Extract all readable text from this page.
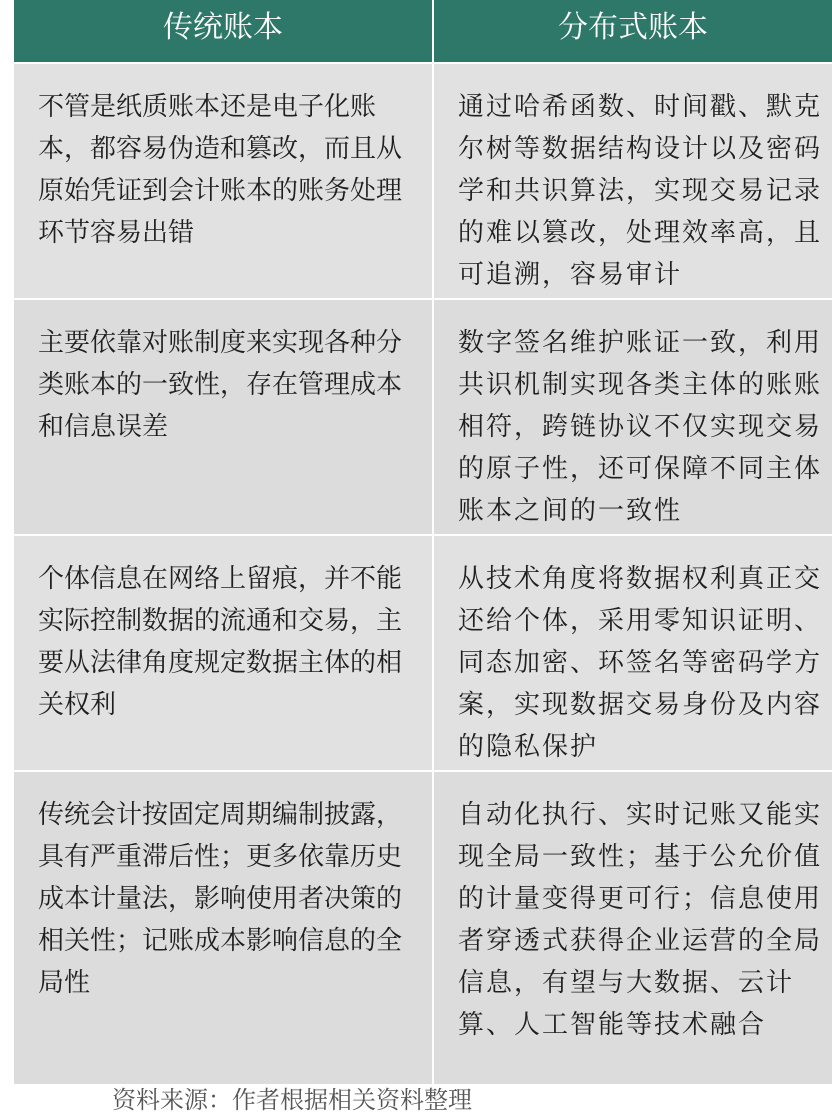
传统账本	分布式账本
不管是纸质账本还是电子化账本，都容易伪造和篡改，而且从原始凭证到会计账本的账务处理环节容易出错
通过哈希函数、时间戳、默克尔树等数据结构设计以及密码学和共识算法，实现交易记录的难以篡改，处理效率高，且可追溯，容易审计
主要依靠对账制度来实现各种分类账本的一致性，存在管理成本和信息误差
数字签名维护账证一致，利用共识机制实现各类主体的账账相符，跨链协议不仅实现交易的原子性，还可保障不同主体账本之间的一致性
个体信息在网络上留痕，并不能实际控制数据的流通和交易，主要从法律角度规定数据主体的相关权利
从技术角度将数据权利真正交还给个体，采用零知识证明、同态加密、环签名等密码学方案，实现数据交易身份及内容的隐私保护
传统会计按固定周期编制披露，具有严重滞后性；更多依靠历史成本计量法，影响使用者决策的相关性；记账成本影响信息的全局性
自动化执行、实时记账又能实现全局一致性；基于公允价值的计量变得更可行；信息使用者穿透式获得企业运营的全局信息，有望与大数据、云计算、人工智能等技术融合
资料来源：作者根据相关资料整理
